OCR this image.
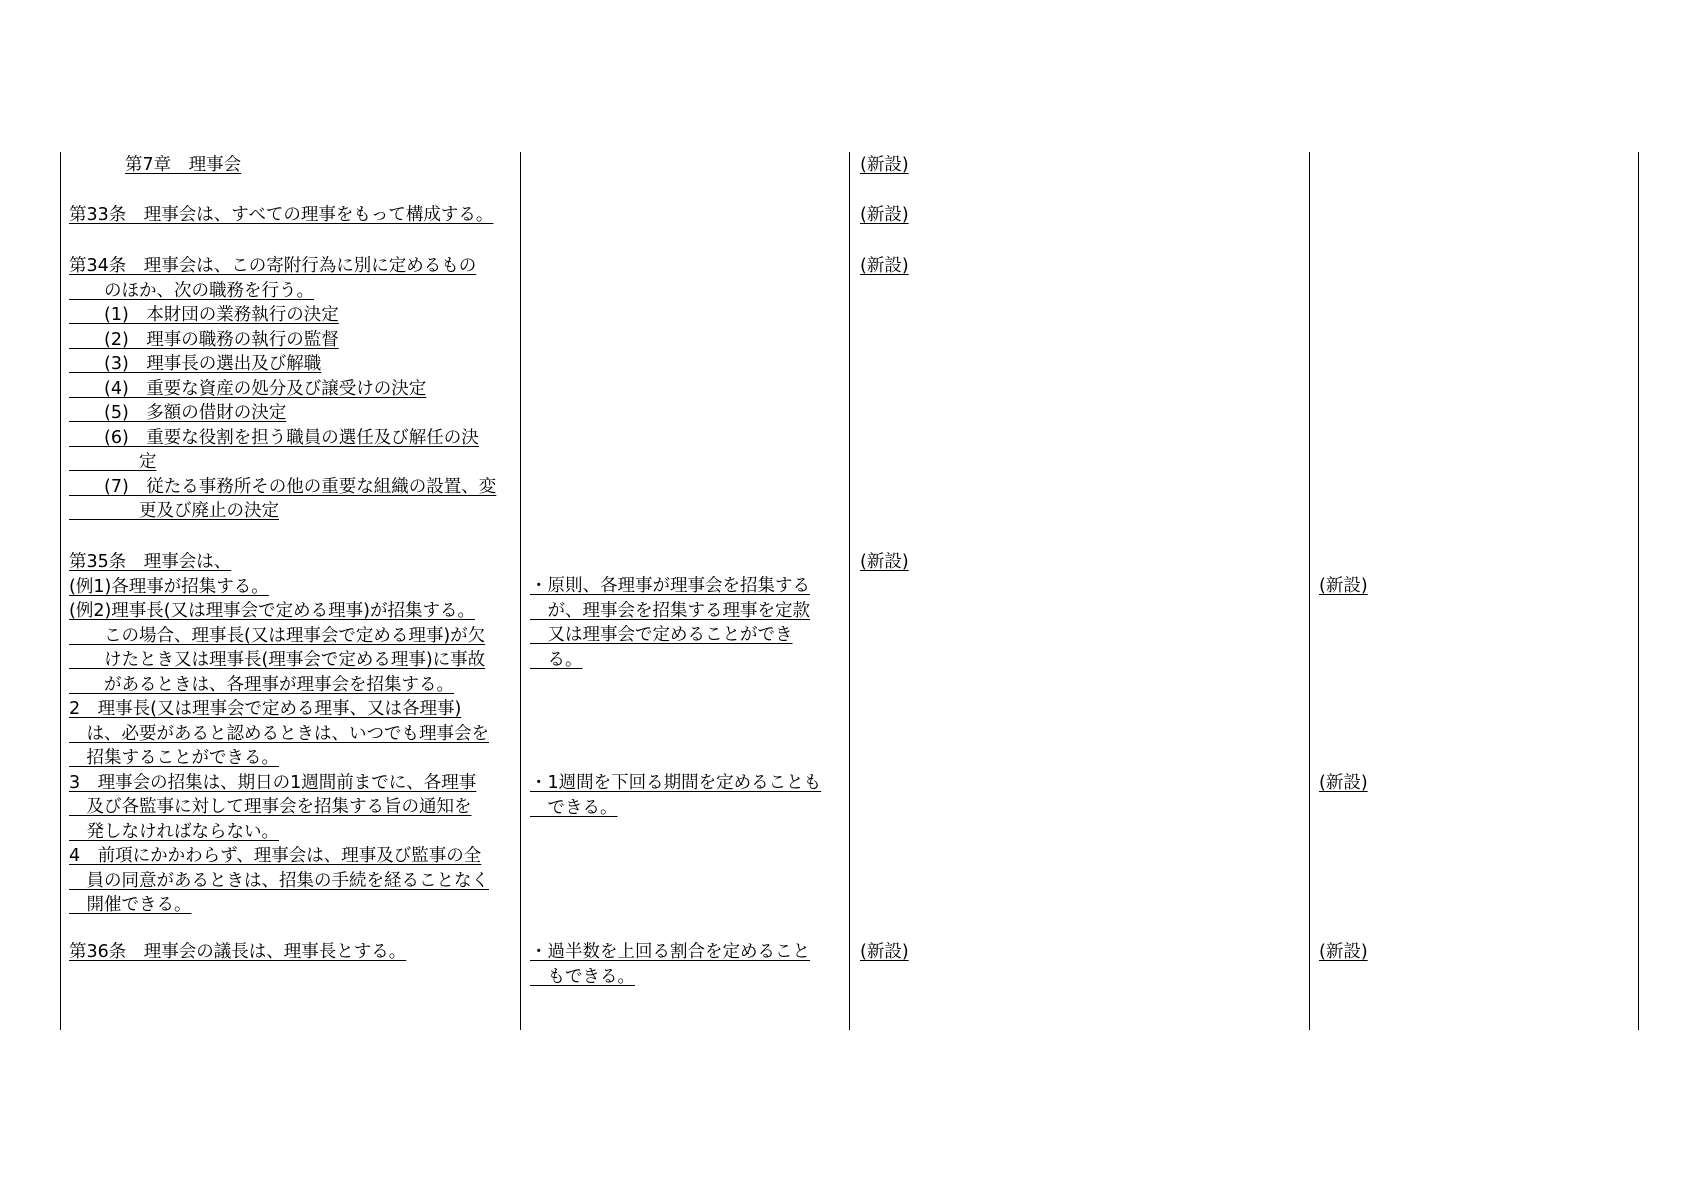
第7章　理事会
第33条　理事会は、すべての理事をもって構成する。
第34条　理事会は、この寄附行為に別に定めるもの
　　のほか、次の職務を行う。
　　(1)　本財団の業務執行の決定
　　(2)　理事の職務の執行の監督
　　(3)　理事長の選出及び解職
　　(4)　重要な資産の処分及び譲受けの決定
　　(5)　多額の借財の決定
　　(6)　重要な役割を担う職員の選任及び解任の決
　　　　定
　　(7)　従たる事務所その他の重要な組織の設置、変
　　　　更及び廃止の決定
第35条　理事会は、
(例1)各理事が招集する。
(例2)理事長(又は理事会で定める理事)が招集する。
　　この場合、理事長(又は理事会で定める理事)が欠
　　けたとき又は理事長(理事会で定める理事)に事故
　　があるときは、各理事が理事会を招集する。
2　理事長(又は理事会で定める理事、又は各理事)
　は、必要があると認めるときは、いつでも理事会を
　招集することができる。
3　理事会の招集は、期日の1週間前までに、各理事
　及び各監事に対して理事会を招集する旨の通知を
　発しなければならない。
4　前項にかかわらず、理事会は、理事及び監事の全
　員の同意があるときは、招集の手続を経ることなく
　開催できる。
第36条　理事会の議長は、理事長とする。
・原則、各理事が理事会を招集する
　が、理事会を招集する理事を定款
　又は理事会で定めることができ
　る。
・1週間を下回る期間を定めることも
　できる。
・過半数を上回る割合を定めること
　もできる。
(新設)
(新設)
(新設)
(新設)
(新設)
(新設)
(新設)
(新設)
